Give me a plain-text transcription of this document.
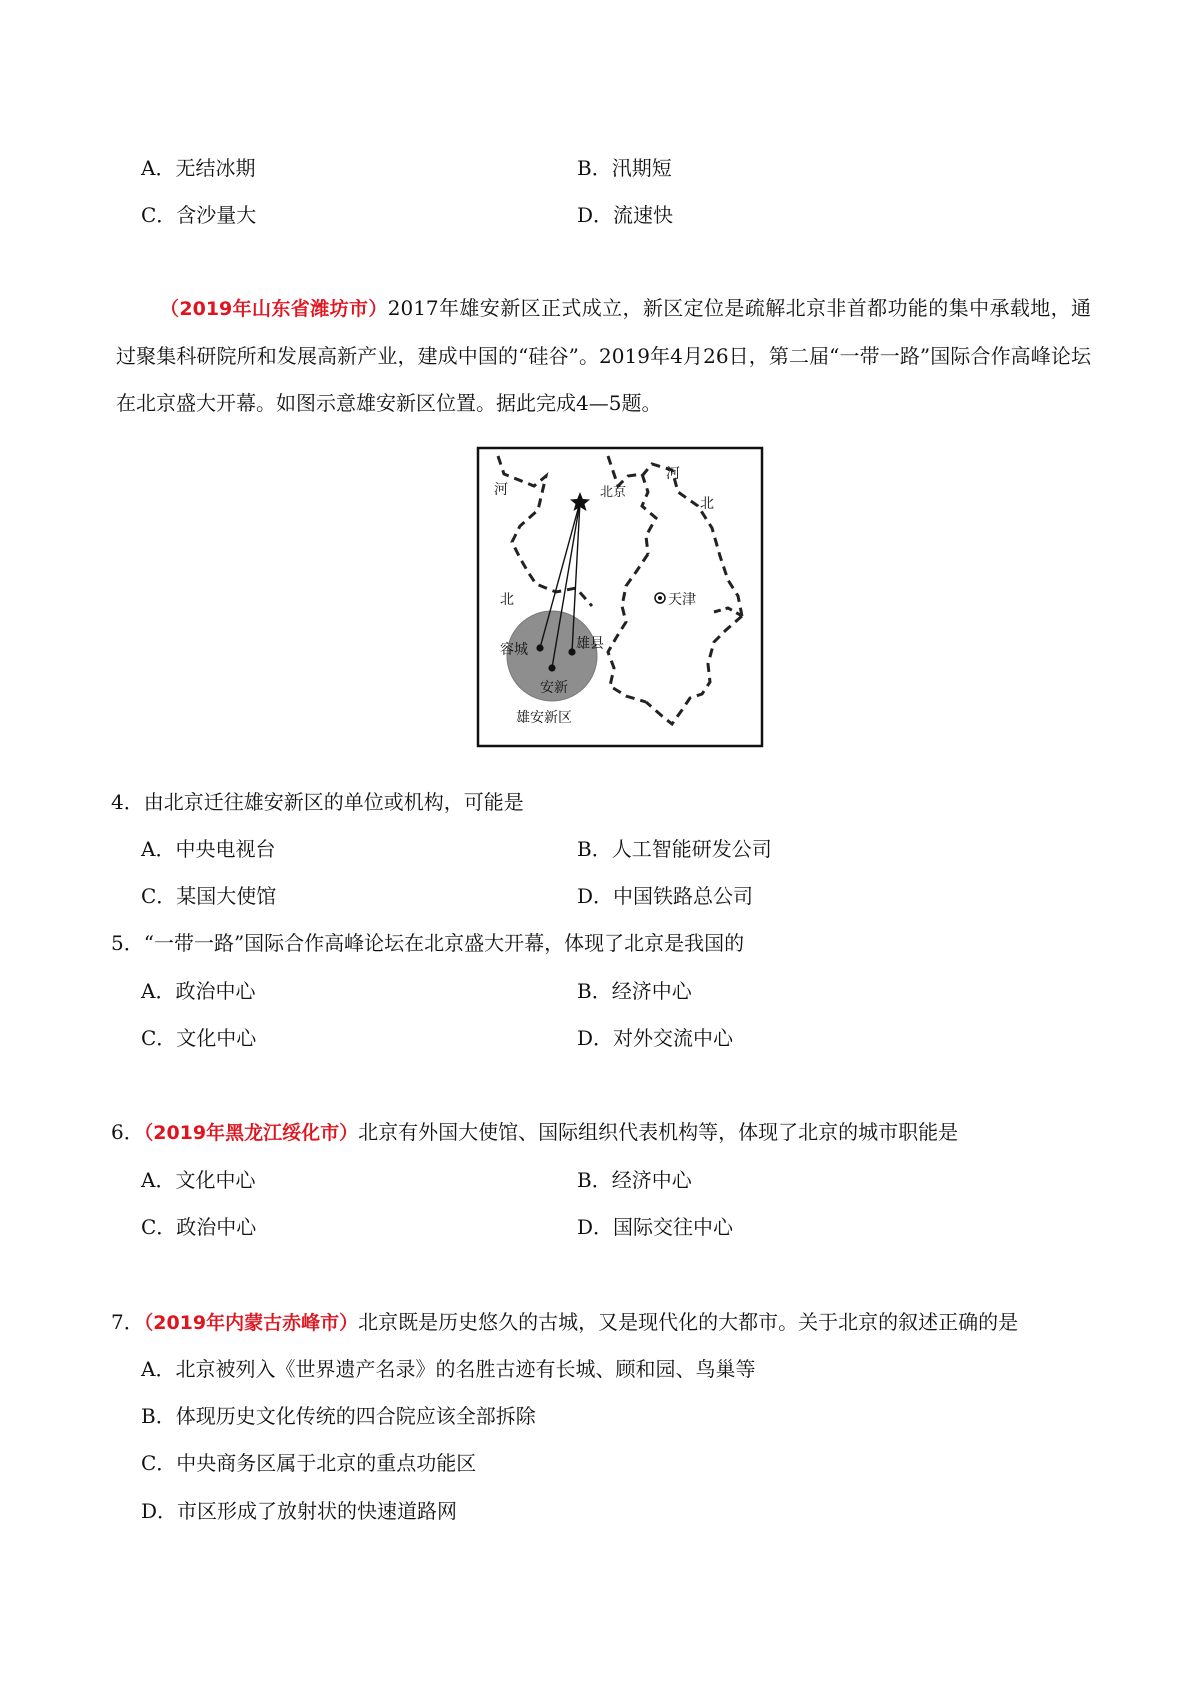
A．无结冰期	B．汛期短
C．含沙量大	D．流速快
（2019年山东省潍坊市）2017年雄安新区正式成立，新区定位是疏解北京非首都功能的集中承载地，通过聚集科研院所和发展高新产业，建成中国的“硅谷”。2019年4月26日，第二届“一带一路”国际合作高峰论坛在北京盛大开幕。如图示意雄安新区位置。据此完成4—5题。
河
北
北京
河
北
天津
容城	雄县
安新
雄安新区
4．由北京迁往雄安新区的单位或机构，可能是
A．中央电视台	B．人工智能研发公司
C．某国大使馆	D．中国铁路总公司
5．“一带一路”国际合作高峰论坛在北京盛大开幕，体现了北京是我国的
A．政治中心	B．经济中心
C．文化中心	D．对外交流中心
6．（2019年黑龙江绥化市）北京有外国大使馆、国际组织代表机构等，体现了北京的城市职能是
A．文化中心	B．经济中心
C．政治中心	D．国际交往中心
7．（2019年内蒙古赤峰市）北京既是历史悠久的古城，又是现代化的大都市。关于北京的叙述正确的是
A．北京被列入《世界遗产名录》的名胜古迹有长城、顾和园、鸟巢等
B．体现历史文化传统的四合院应该全部拆除
C．中央商务区属于北京的重点功能区
D．市区形成了放射状的快速道路网
